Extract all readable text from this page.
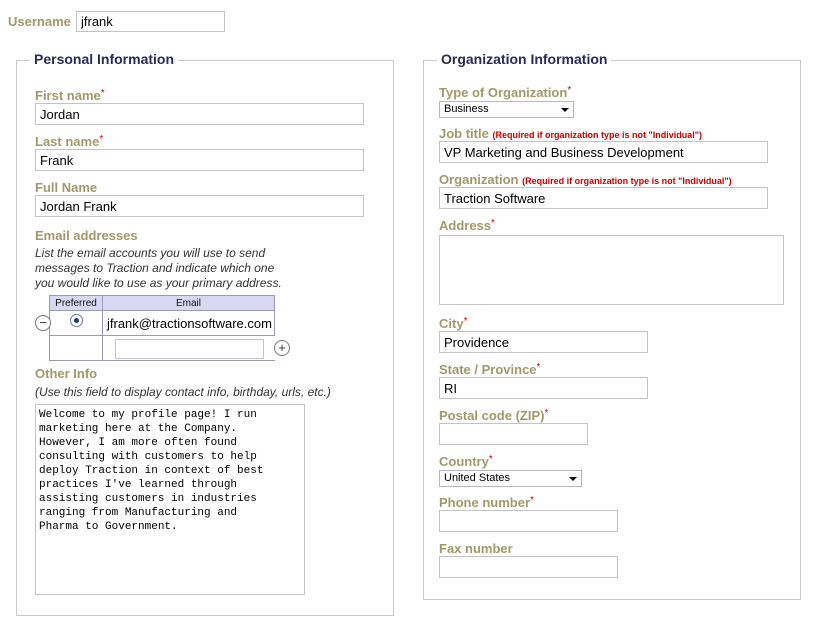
Username
jfrank
Personal Information
First name*
Jordan
Last name*
Frank
Full Name
Jordan Frank
Email addresses
List the email accounts you will use to send
messages to Traction and indicate which one
you would like to use as your primary address.
Preferred	Email
	jfrank@tractionsoftware.com

−
+
Other Info
(Use this field to display contact info, birthday, urls, etc.)
Welcome to my profile page! I run marketing here at the Company. However, I am more often found consulting with customers to help deploy Traction in context of best practices I've learned through assisting customers in industries ranging from Manufacturing and Pharma to Government.
Organization Information
Type of Organization*
Business
Job title (Required if organization type is not "Individual")
VP Marketing and Business Development
Organization (Required if organization type is not "Individual")
Traction Software
Address*
City*
Providence
State / Province*
RI
Postal code (ZIP)*
Country*
United States
Phone number*
Fax number
